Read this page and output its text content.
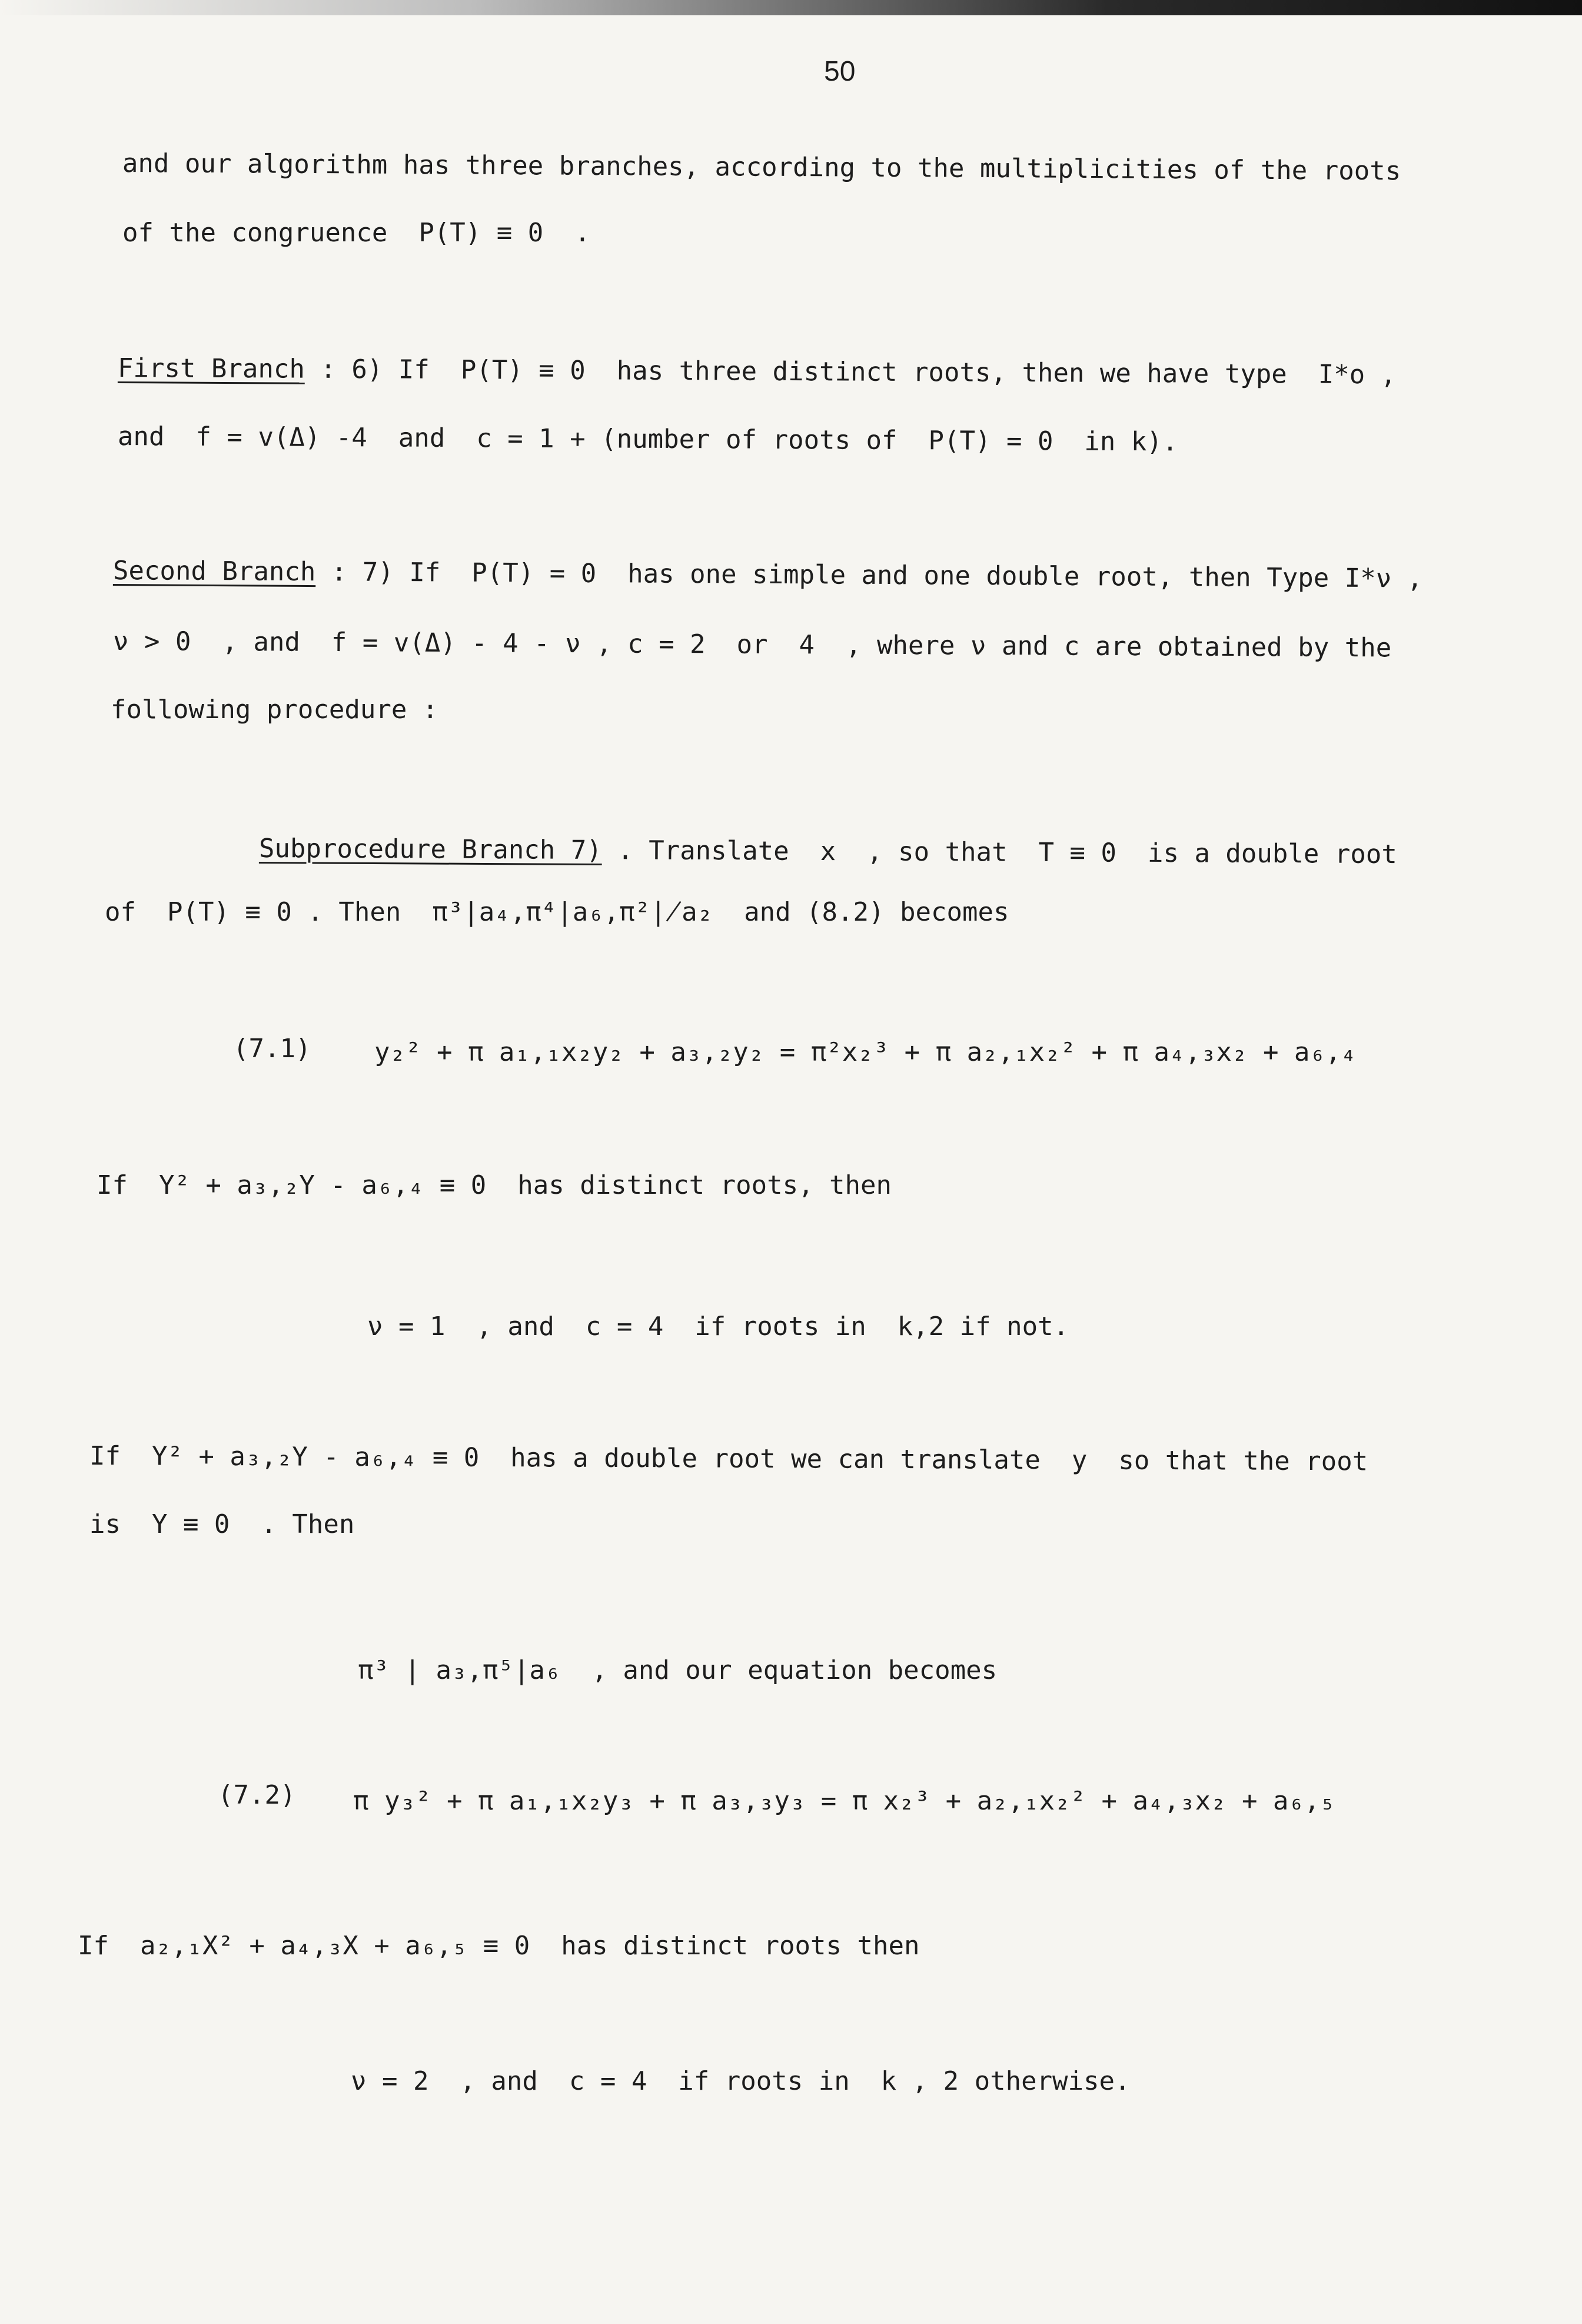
50
and our algorithm has three branches, according to the multiplicities of the roots
of the congruence  P(T) ≡ 0  .
First Branch : 6) If  P(T) ≡ 0  has three distinct roots, then we have type  I*o ,
and  f = v(Δ) -4  and  c = 1 + (number of roots of  P(T) = 0  in k).
Second Branch : 7) If  P(T) = 0  has one simple and one double root, then Type I*ν ,
ν > 0  , and  f = v(Δ) - 4 - ν , c = 2  or  4  , where ν and c are obtained by the
following procedure :
Subprocedure Branch 7) . Translate  x  , so that  T ≡ 0  is a double root
of  P(T) ≡ 0 . Then  π³|a₄,π⁴|a₆,π²∤a₂  and (8.2) becomes
(7.1) y₂² + π a₁,₁x₂y₂ + a₃,₂y₂ = π²x₂³ + π a₂,₁x₂² + π a₄,₃x₂ + a₆,₄
If  Y² + a₃,₂Y - a₆,₄ ≡ 0  has distinct roots, then
ν = 1  , and  c = 4  if roots in  k,2 if not.
If  Y² + a₃,₂Y - a₆,₄ ≡ 0  has a double root we can translate  y  so that the root
is  Y ≡ 0  . Then
π³ | a₃,π⁵|a₆  , and our equation becomes
(7.2) π y₃² + π a₁,₁x₂y₃ + π a₃,₃y₃ = π x₂³ + a₂,₁x₂² + a₄,₃x₂ + a₆,₅
If  a₂,₁X² + a₄,₃X + a₆,₅ ≡ 0  has distinct roots then
ν = 2  , and  c = 4  if roots in  k , 2 otherwise.
